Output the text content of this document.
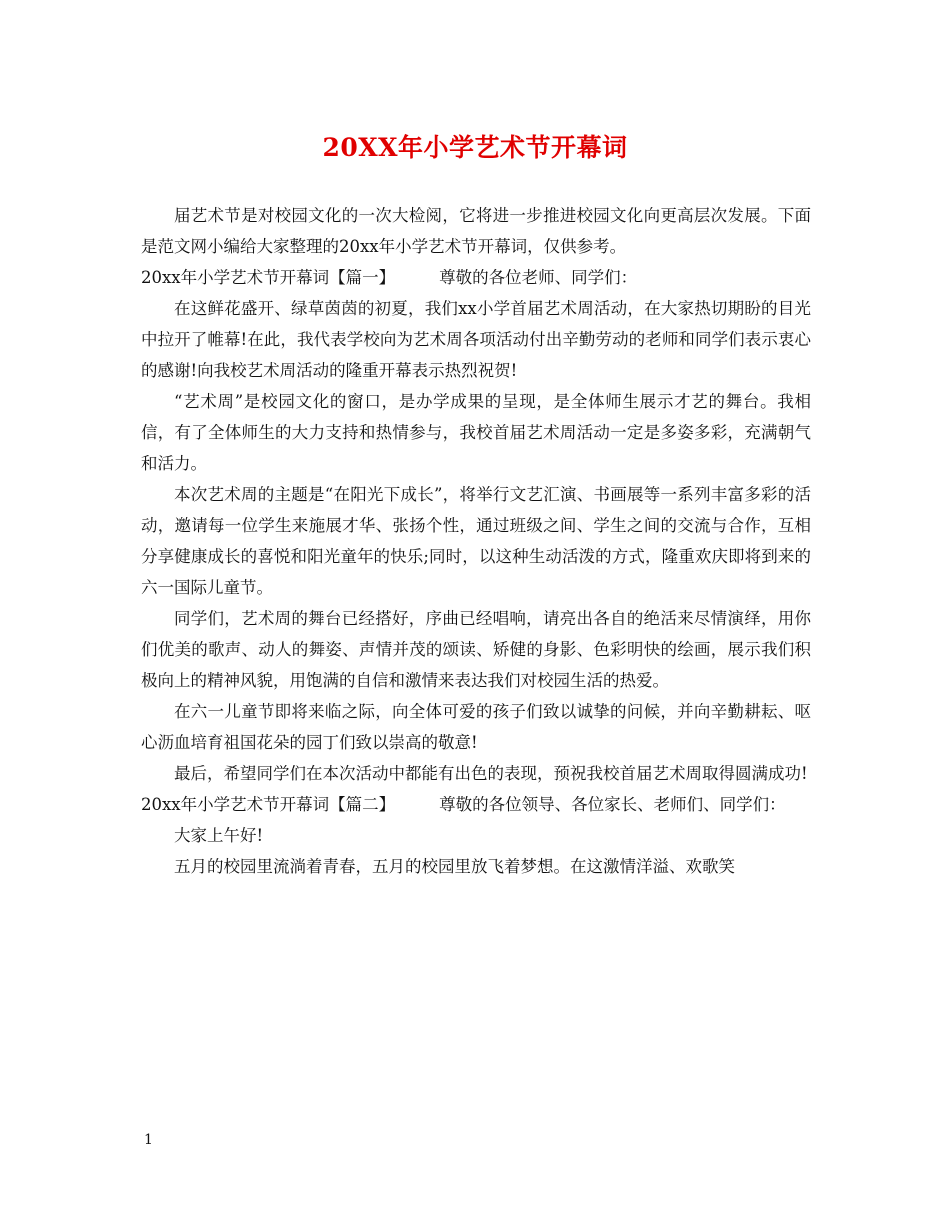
20XX年小学艺术节开幕词

届艺术节是对校园文化的一次大检阅，它将进一步推进校园文化向更高层次发展。下面是范文网小编给大家整理的20xx年小学艺术节开幕词，仅供参考。

20xx年小学艺术节开幕词【篇一】	尊敬的各位老师、同学们：

在这鲜花盛开、绿草茵茵的初夏，我们xx小学首届艺术周活动，在大家热切期盼的目光中拉开了帷幕!在此，我代表学校向为艺术周各项活动付出辛勤劳动的老师和同学们表示衷心的感谢!向我校艺术周活动的隆重开幕表示热烈祝贺!

“艺术周”是校园文化的窗口，是办学成果的呈现，是全体师生展示才艺的舞台。我相信，有了全体师生的大力支持和热情参与，我校首届艺术周活动一定是多姿多彩，充满朝气和活力。

本次艺术周的主题是“在阳光下成长”，将举行文艺汇演、书画展等一系列丰富多彩的活动，邀请每一位学生来施展才华、张扬个性，通过班级之间、学生之间的交流与合作，互相分享健康成长的喜悦和阳光童年的快乐;同时，以这种生动活泼的方式，隆重欢庆即将到来的六一国际儿童节。

同学们，艺术周的舞台已经搭好，序曲已经唱响，请亮出各自的绝活来尽情演绎，用你们优美的歌声、动人的舞姿、声情并茂的颂读、矫健的身影、色彩明快的绘画，展示我们积极向上的精神风貌，用饱满的自信和激情来表达我们对校园生活的热爱。

在六一儿童节即将来临之际，向全体可爱的孩子们致以诚挚的问候，并向辛勤耕耘、呕心沥血培育祖国花朵的园丁们致以崇高的敬意!

最后，希望同学们在本次活动中都能有出色的表现，预祝我校首届艺术周取得圆满成功!

20xx年小学艺术节开幕词【篇二】	尊敬的各位领导、各位家长、老师们、同学们：

大家上午好!

五月的校园里流淌着青春，五月的校园里放飞着梦想。在这激情洋溢、欢歌笑

1
